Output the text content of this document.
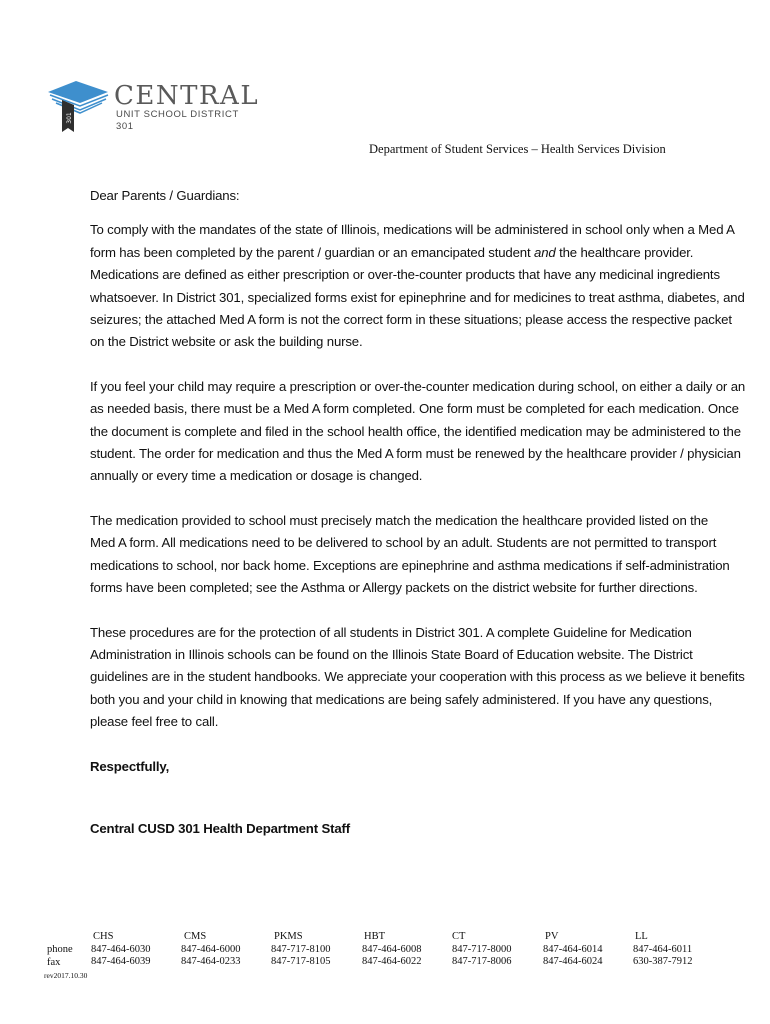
301
CENTRAL
UNIT SCHOOL DISTRICT 301
Department of Student Services – Health Services Division

Dear Parents / Guardians:

To comply with the mandates of the state of Illinois, medications will be administered in school only when a Med A
form has been completed by the parent / guardian or an emancipated student and the healthcare provider.
Medications are defined as either prescription or over-the-counter products that have any medicinal ingredients
whatsoever. In District 301, specialized forms exist for epinephrine and for medicines to treat asthma, diabetes, and
seizures; the attached Med A form is not the correct form in these situations; please access the respective packet
on the District website or ask the building nurse.

If you feel your child may require a prescription or over-the-counter medication during school, on either a daily or an
as needed basis, there must be a Med A form completed. One form must be completed for each medication. Once
the document is complete and filed in the school health office, the identified medication may be administered to the
student. The order for medication and thus the Med A form must be renewed by the healthcare provider / physician
annually or every time a medication or dosage is changed.

The medication provided to school must precisely match the medication the healthcare provided listed on the
Med A form. All medications need to be delivered to school by an adult. Students are not permitted to transport
medications to school, nor back home. Exceptions are epinephrine and asthma medications if self-administration
forms have been completed; see the Asthma or Allergy packets on the district website for further directions.

These procedures are for the protection of all students in District 301. A complete Guideline for Medication
Administration in Illinois schools can be found on the Illinois State Board of Education website. The District
guidelines are in the student handbooks. We appreciate your cooperation with this process as we believe it benefits
both you and your child in knowing that medications are being safely administered. If you have any questions,
please feel free to call.

Respectfully,

Central CUSD 301 Health Department Staff

phone
fax
CHS
847-464-6030
847-464-6039
CMS
847-464-6000
847-464-0233
PKMS
847-717-8100
847-717-8105
HBT
847-464-6008
847-464-6022
CT
847-717-8000
847-717-8006
PV
847-464-6014
847-464-6024
LL
847-464-6011
630-387-7912
rev2017.10.30
